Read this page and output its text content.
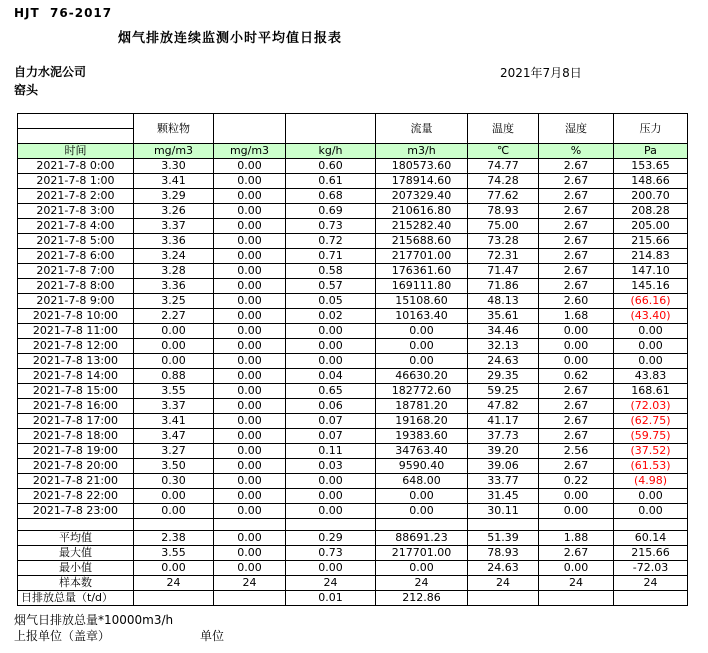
HJT  76-2017
烟气排放连续监测小时平均值日报表
自力水泥公司
窑头
2021年7月8日
	颗粒物			流量	温度	湿度	压力

时间	mg/m3	mg/m3	kg/h	m3/h	℃	%	Pa
2021-7-8 0:00	3.30	0.00	0.60	180573.60	74.77	2.67	153.65
2021-7-8 1:00	3.41	0.00	0.61	178914.60	74.28	2.67	148.66
2021-7-8 2:00	3.29	0.00	0.68	207329.40	77.62	2.67	200.70
2021-7-8 3:00	3.26	0.00	0.69	210616.80	78.93	2.67	208.28
2021-7-8 4:00	3.37	0.00	0.73	215282.40	75.00	2.67	205.00
2021-7-8 5:00	3.36	0.00	0.72	215688.60	73.28	2.67	215.66
2021-7-8 6:00	3.24	0.00	0.71	217701.00	72.31	2.67	214.83
2021-7-8 7:00	3.28	0.00	0.58	176361.60	71.47	2.67	147.10
2021-7-8 8:00	3.36	0.00	0.57	169111.80	71.86	2.67	145.16
2021-7-8 9:00	3.25	0.00	0.05	15108.60	48.13	2.60	(66.16)
2021-7-8 10:00	2.27	0.00	0.02	10163.40	35.61	1.68	(43.40)
2021-7-8 11:00	0.00	0.00	0.00	0.00	34.46	0.00	0.00
2021-7-8 12:00	0.00	0.00	0.00	0.00	32.13	0.00	0.00
2021-7-8 13:00	0.00	0.00	0.00	0.00	24.63	0.00	0.00
2021-7-8 14:00	0.88	0.00	0.04	46630.20	29.35	0.62	43.83
2021-7-8 15:00	3.55	0.00	0.65	182772.60	59.25	2.67	168.61
2021-7-8 16:00	3.37	0.00	0.06	18781.20	47.82	2.67	(72.03)
2021-7-8 17:00	3.41	0.00	0.07	19168.20	41.17	2.67	(62.75)
2021-7-8 18:00	3.47	0.00	0.07	19383.60	37.73	2.67	(59.75)
2021-7-8 19:00	3.27	0.00	0.11	34763.40	39.20	2.56	(37.52)
2021-7-8 20:00	3.50	0.00	0.03	9590.40	39.06	2.67	(61.53)
2021-7-8 21:00	0.30	0.00	0.00	648.00	33.77	0.22	(4.98)
2021-7-8 22:00	0.00	0.00	0.00	0.00	31.45	0.00	0.00
2021-7-8 23:00	0.00	0.00	0.00	0.00	30.11	0.00	0.00

平均值	2.38	0.00	0.29	88691.23	51.39	1.88	60.14
最大值	3.55	0.00	0.73	217701.00	78.93	2.67	215.66
最小值	0.00	0.00	0.00	0.00	24.63	0.00	-72.03
样本数	24	24	24	24	24	24	24
日排放总量（t/d）			0.01	212.86			
烟气日排放总量*10000m3/h
上报单位（盖章）	单位
